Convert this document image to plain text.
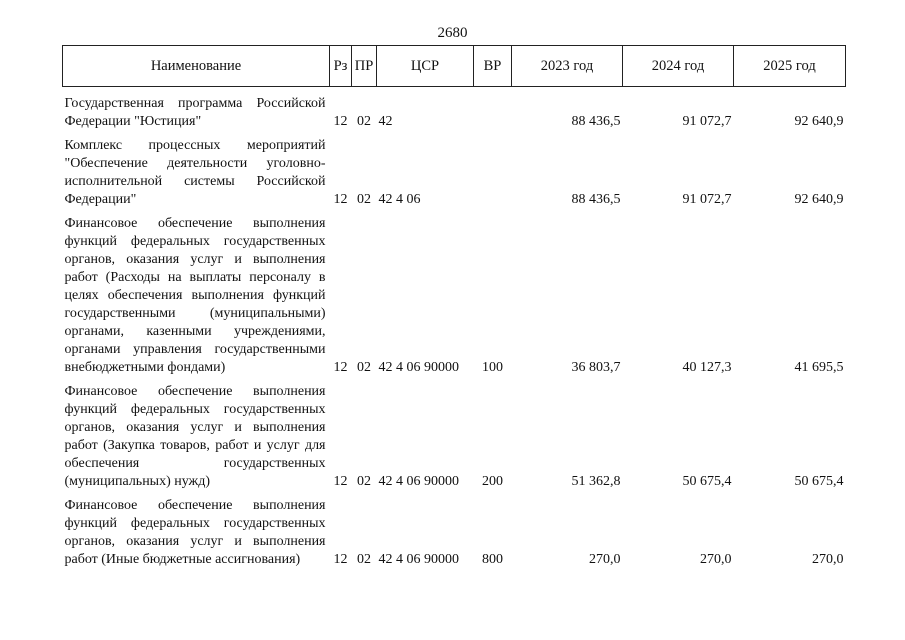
2680
Наименование	Рз	ПР	ЦСР	ВР	2023 год	2024 год	2025 год

Государственная программа Российской Федерации "Юстиция"	12	02	42		88 436,5	91 072,7	92 640,9
Комплекс процессных мероприятий "Обеспечение деятельности уголовно-исполнительной системы Российской Федерации"	12	02	42 4 06		88 436,5	91 072,7	92 640,9
Финансовое обеспечение выполнения функций федеральных государственных органов, оказания услуг и выполнения работ (Расходы на выплаты персоналу в целях обеспечения выполнения функций государственными (муниципальными) органами, казенными учреждениями, органами управления государственными внебюджетными фондами)	12	02	42 4 06 90000	100	36 803,7	40 127,3	41 695,5
Финансовое обеспечение выполнения функций федеральных государственных органов, оказания услуг и выполнения работ (Закупка товаров, работ и услуг для обеспечения государственных (муниципальных) нужд)	12	02	42 4 06 90000	200	51 362,8	50 675,4	50 675,4
Финансовое обеспечение выполнения функций федеральных государственных органов, оказания услуг и выполнения работ (Иные бюджетные ассигнования)	12	02	42 4 06 90000	800	270,0	270,0	270,0
